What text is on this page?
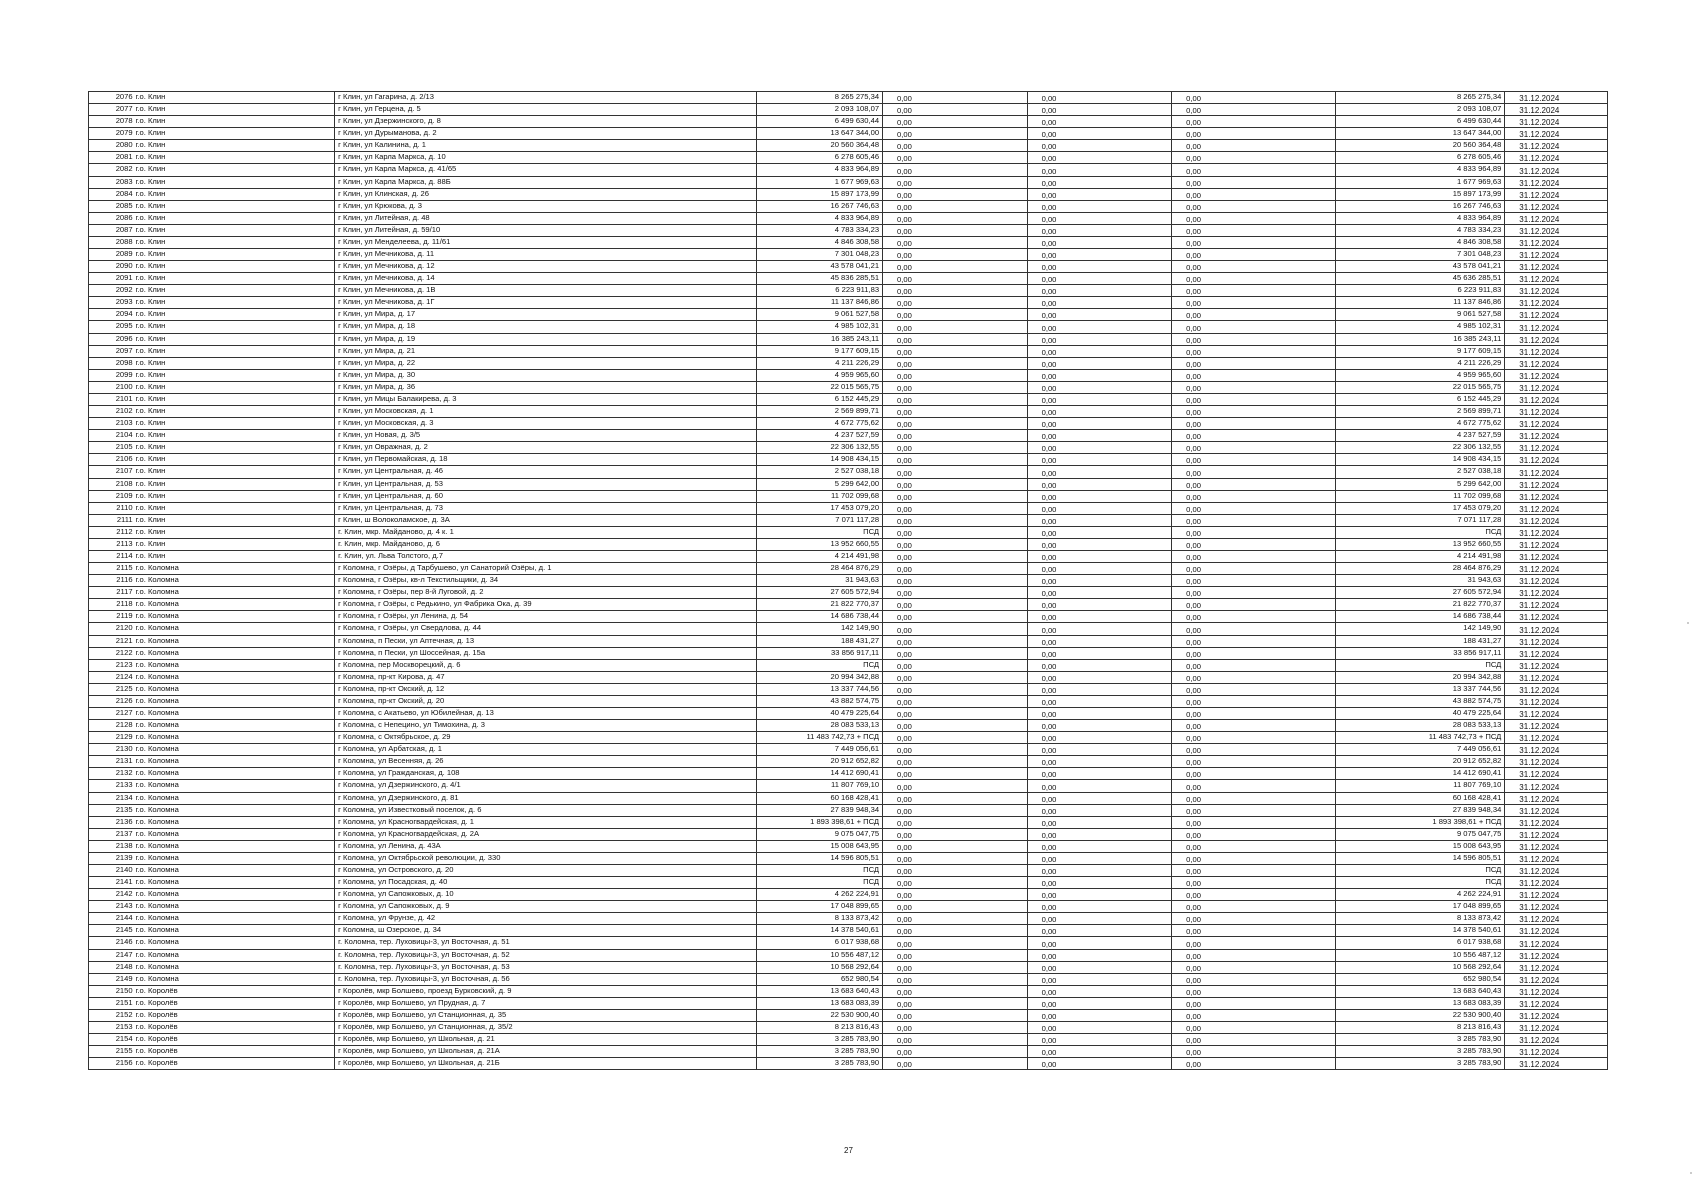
2076	г.о. Клин	г Клин, ул Гагарина, д. 2/13	8 265 275,34	0,00	0,00	0,00	8 265 275,34	31.12.2024
2077	г.о. Клин	г Клин, ул Герцена, д. 5	2 093 108,07	0,00	0,00	0,00	2 093 108,07	31.12.2024
2078	г.о. Клин	г Клин, ул Дзержинского, д. 8	6 499 630,44	0,00	0,00	0,00	6 499 630,44	31.12.2024
2079	г.о. Клин	г Клин, ул Дурыманова, д. 2	13 647 344,00	0,00	0,00	0,00	13 647 344,00	31.12.2024
2080	г.о. Клин	г Клин, ул Калинина, д. 1	20 560 364,48	0,00	0,00	0,00	20 560 364,48	31.12.2024
2081	г.о. Клин	г Клин, ул Карла Маркса, д. 10	6 278 605,46	0,00	0,00	0,00	6 278 605,46	31.12.2024
2082	г.о. Клин	г Клин, ул Карла Маркса, д. 41/65	4 833 964,89	0,00	0,00	0,00	4 833 964,89	31.12.2024
2083	г.о. Клин	г Клин, ул Карла Маркса, д. 88Б	1 677 969,63	0,00	0,00	0,00	1 677 969,63	31.12.2024
2084	г.о. Клин	г Клин, ул Клинская, д. 26	15 897 173,99	0,00	0,00	0,00	15 897 173,99	31.12.2024
2085	г.о. Клин	г Клин, ул Крюкова, д. 3	16 267 746,63	0,00	0,00	0,00	16 267 746,63	31.12.2024
2086	г.о. Клин	г Клин, ул Литейная, д. 48	4 833 964,89	0,00	0,00	0,00	4 833 964,89	31.12.2024
2087	г.о. Клин	г Клин, ул Литейная, д. 59/10	4 783 334,23	0,00	0,00	0,00	4 783 334,23	31.12.2024
2088	г.о. Клин	г Клин, ул Менделеева, д. 11/61	4 846 308,58	0,00	0,00	0,00	4 846 308,58	31.12.2024
2089	г.о. Клин	г Клин, ул Мечникова, д. 11	7 301 048,23	0,00	0,00	0,00	7 301 048,23	31.12.2024
2090	г.о. Клин	г Клин, ул Мечникова, д. 12	43 578 041,21	0,00	0,00	0,00	43 578 041,21	31.12.2024
2091	г.о. Клин	г Клин, ул Мечникова, д. 14	45 836 285,51	0,00	0,00	0,00	45 636 285,51	31.12.2024
2092	г.о. Клин	г Клин, ул Мечникова, д. 1В	6 223 911,83	0,00	0,00	0,00	6 223 911,83	31.12.2024
2093	г.о. Клин	г Клин, ул Мечникова, д. 1Г	11 137 846,86	0,00	0,00	0,00	11 137 846,86	31.12.2024
2094	г.о. Клин	г Клин, ул Мира, д. 17	9 061 527,58	0,00	0,00	0,00	9 061 527,58	31.12.2024
2095	г.о. Клин	г Клин, ул Мира, д. 18	4 985 102,31	0,00	0,00	0,00	4 985 102,31	31.12.2024
2096	г.о. Клин	г Клин, ул Мира, д. 19	16 385 243,11	0,00	0,00	0,00	16 385 243,11	31.12.2024
2097	г.о. Клин	г Клин, ул Мира, д. 21	9 177 609,15	0,00	0,00	0,00	9 177 609,15	31.12.2024
2098	г.о. Клин	г Клин, ул Мира, д. 22	4 211 226,29	0,00	0,00	0,00	4 211 226,29	31.12.2024
2099	г.о. Клин	г Клин, ул Мира, д. 30	4 959 965,60	0,00	0,00	0,00	4 959 965,60	31.12.2024
2100	г.о. Клин	г Клин, ул Мира, д. 36	22 015 565,75	0,00	0,00	0,00	22 015 565,75	31.12.2024
2101	г.о. Клин	г Клин, ул Мицы Балакиревa, д. 3	6 152 445,29	0,00	0,00	0,00	6 152 445,29	31.12.2024
2102	г.о. Клин	г Клин, ул Московская, д. 1	2 569 899,71	0,00	0,00	0,00	2 569 899,71	31.12.2024
2103	г.о. Клин	г Клин, ул Московская, д. 3	4 672 775,62	0,00	0,00	0,00	4 672 775,62	31.12.2024
2104	г.о. Клин	г Клин, ул Новая, д. 3/5	4 237 527,59	0,00	0,00	0,00	4 237 527,59	31.12.2024
2105	г.о. Клин	г Клин, ул Овражная, д. 2	22 306 132,55	0,00	0,00	0,00	22 306 132,55	31.12.2024
2106	г.о. Клин	г Клин, ул Первомайская, д. 18	14 908 434,15	0,00	0,00	0,00	14 908 434,15	31.12.2024
2107	г.о. Клин	г Клин, ул Центральная, д. 46	2 527 038,18	0,00	0,00	0,00	2 527 038,18	31.12.2024
2108	г.о. Клин	г Клин, ул Центральная, д. 53	5 299 642,00	0,00	0,00	0,00	5 299 642,00	31.12.2024
2109	г.о. Клин	г Клин, ул Центральная, д. 60	11 702 099,68	0,00	0,00	0,00	11 702 099,68	31.12.2024
2110	г.о. Клин	г Клин, ул Центральная, д. 73	17 453 079,20	0,00	0,00	0,00	17 453 079,20	31.12.2024
2111	г.о. Клин	г Клин, ш Волоколамское, д. 3А	7 071 117,28	0,00	0,00	0,00	7 071 117,28	31.12.2024
2112	г.о. Клин	г. Клин, мкр. Майданово, д. 4 к. 1	ПСД	0,00	0,00	0,00	ПСД	31.12.2024
2113	г.о. Клин	г. Клин, мкр. Майданово, д. 6	13 952 660,55	0,00	0,00	0,00	13 952 660,55	31.12.2024
2114	г.о. Клин	г. Клин, ул. Льва Толстого, д.7	4 214 491,98	0,00	0,00	0,00	4 214 491,98	31.12.2024
2115	г.о. Коломна	г Коломна, г Озёры, д Тарбушево, ул Санаторий Озёры, д. 1	28 464 876,29	0,00	0,00	0,00	28 464 876,29	31.12.2024
2116	г.о. Коломна	г Коломна, г Озёры, кв-л Текстильщики, д. 34	31 943,63	0,00	0,00	0,00	31 943,63	31.12.2024
2117	г.о. Коломна	г Коломна, г Озёры, пер 8-й Луговой, д. 2	27 605 572,94	0,00	0,00	0,00	27 605 572,94	31.12.2024
2118	г.о. Коломна	г Коломна, г Озёры, с Редькино, ул Фабрика Ока, д. 39	21 822 770,37	0,00	0,00	0,00	21 822 770,37	31.12.2024
2119	г.о. Коломна	г Коломна, г Озёры, ул Ленина, д. 54	14 686 738,44	0,00	0,00	0,00	14 686 738,44	31.12.2024
2120	г.о. Коломна	г Коломна, г Озёры, ул Свердлова, д. 44	142 149,90	0,00	0,00	0,00	142 149,90	31.12.2024
2121	г.о. Коломна	г Коломна, п Пески, ул Аптечная, д. 13	188 431,27	0,00	0,00	0,00	188 431,27	31.12.2024
2122	г.о. Коломна	г Коломна, п Пески, ул Шоссейная, д. 15а	33 856 917,11	0,00	0,00	0,00	33 856 917,11	31.12.2024
2123	г.о. Коломна	г Коломна, пер Москворецкий, д. 6	ПСД	0,00	0,00	0,00	ПСД	31.12.2024
2124	г.о. Коломна	г Коломна, пр-кт Кирова, д. 47	20 994 342,88	0,00	0,00	0,00	20 994 342,88	31.12.2024
2125	г.о. Коломна	г Коломна, пр-кт Окский, д. 12	13 337 744,56	0,00	0,00	0,00	13 337 744,56	31.12.2024
2126	г.о. Коломна	г Коломна, пр-кт Окский, д. 20	43 882 574,75	0,00	0,00	0,00	43 882 574,75	31.12.2024
2127	г.о. Коломна	г Коломна, с Акатьево, ул Юбилейная, д. 13	40 479 225,64	0,00	0,00	0,00	40 479 225,64	31.12.2024
2128	г.о. Коломна	г Коломна, с Непецино, ул Тимохина, д. 3	28 083 533,13	0,00	0,00	0,00	28 083 533,13	31.12.2024
2129	г.о. Коломна	г Коломна, с Октябрьское, д. 29	11 483 742,73 + ПСД	0,00	0,00	0,00	11 483 742,73 + ПСД	31.12.2024
2130	г.о. Коломна	г Коломна, ул Арбатская, д. 1	7 449 056,61	0,00	0,00	0,00	7 449 056,61	31.12.2024
2131	г.о. Коломна	г Коломна, ул Весенняя, д. 26	20 912 652,82	0,00	0,00	0,00	20 912 652,82	31.12.2024
2132	г.о. Коломна	г Коломна, ул Гражданская, д. 108	14 412 690,41	0,00	0,00	0,00	14 412 690,41	31.12.2024
2133	г.о. Коломна	г Коломна, ул Дзержинского, д. 4/1	11 807 769,10	0,00	0,00	0,00	11 807 769,10	31.12.2024
2134	г.о. Коломна	г Коломна, ул Дзержинского, д. 81	60 168 428,41	0,00	0,00	0,00	60 168 428,41	31.12.2024
2135	г.о. Коломна	г Коломна, ул Известковый поселок, д. 6	27 839 948,34	0,00	0,00	0,00	27 839 948,34	31.12.2024
2136	г.о. Коломна	г Коломна, ул Красногвардейская, д. 1	1 893 398,61 + ПСД	0,00	0,00	0,00	1 893 398,61 + ПСД	31.12.2024
2137	г.о. Коломна	г Коломна, ул Красногвардейская, д. 2А	9 075 047,75	0,00	0,00	0,00	9 075 047,75	31.12.2024
2138	г.о. Коломна	г Коломна, ул Ленина, д. 43А	15 008 643,95	0,00	0,00	0,00	15 008 643,95	31.12.2024
2139	г.о. Коломна	г Коломна, ул Октябрьской революции, д. 330	14 596 805,51	0,00	0,00	0,00	14 596 805,51	31.12.2024
2140	г.о. Коломна	г Коломна, ул Островского, д. 20	ПСД	0,00	0,00	0,00	ПСД	31.12.2024
2141	г.о. Коломна	г Коломна, ул Посадская, д. 40	ПСД	0,00	0,00	0,00	ПСД	31.12.2024
2142	г.о. Коломна	г Коломна, ул Сапожковых, д. 10	4 262 224,91	0,00	0,00	0,00	4 262 224,91	31.12.2024
2143	г.о. Коломна	г Коломна, ул Сапожковых, д. 9	17 048 899,65	0,00	0,00	0,00	17 048 899,65	31.12.2024
2144	г.о. Коломна	г Коломна, ул Фрунзе, д. 42	8 133 873,42	0,00	0,00	0,00	8 133 873,42	31.12.2024
2145	г.о. Коломна	г Коломна, ш Озерское, д. 34	14 378 540,61	0,00	0,00	0,00	14 378 540,61	31.12.2024
2146	г.о. Коломна	г. Коломна, тер. Луховицы-3, ул Восточная, д. 51	6 017 938,68	0,00	0,00	0,00	6 017 938,68	31.12.2024
2147	г.о. Коломна	г. Коломна, тер. Луховицы-3, ул Восточная, д. 52	10 556 487,12	0,00	0,00	0,00	10 556 487,12	31.12.2024
2148	г.о. Коломна	г. Коломна, тер. Луховицы-3, ул Восточная, д. 53	10 568 292,64	0,00	0,00	0,00	10 568 292,64	31.12.2024
2149	г.о. Коломна	г. Коломна, тер. Луховицы-3, ул Восточная, д. 56	652 980,54	0,00	0,00	0,00	652 980,54	31.12.2024
2150	г.о. Королёв	г Королёв, мкр Болшево, проезд Бурковский, д. 9	13 683 640,43	0,00	0,00	0,00	13 683 640,43	31.12.2024
2151	г.о. Королёв	г Королёв, мкр Болшево, ул Прудная, д. 7	13 683 083,39	0,00	0,00	0,00	13 683 083,39	31.12.2024
2152	г.о. Королёв	г Королёв, мкр Болшево, ул Станционная, д. 35	22 530 900,40	0,00	0,00	0,00	22 530 900,40	31.12.2024
2153	г.о. Королёв	г Королёв, мкр Болшево, ул Станционная, д. 35/2	8 213 816,43	0,00	0,00	0,00	8 213 816,43	31.12.2024
2154	г.о. Королёв	г Королёв, мкр Болшево, ул Школьная, д. 21	3 285 783,90	0,00	0,00	0,00	3 285 783,90	31.12.2024
2155	г.о. Королёв	г Королёв, мкр Болшево, ул Школьная, д. 21А	3 285 783,90	0,00	0,00	0,00	3 285 783,90	31.12.2024
2156	г.о. Королёв	г Королёв, мкр Болшево, ул Школьная, д. 21Б	3 285 783,90	0,00	0,00	0,00	3 285 783,90	31.12.2024
27
